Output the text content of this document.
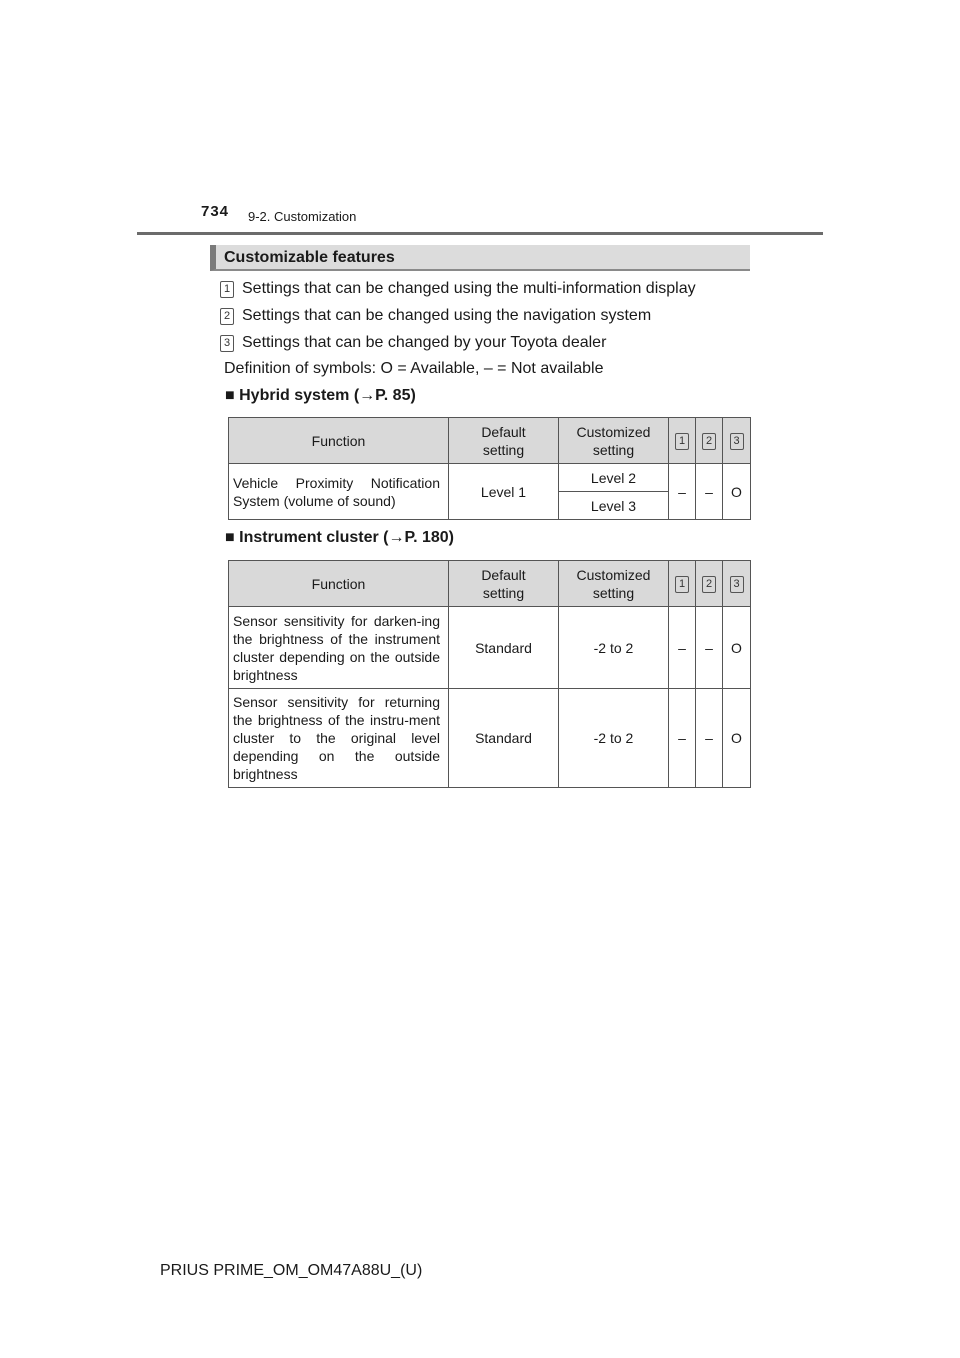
734 9-2. Customization
Customizable features
1 Settings that can be changed using the multi-information display
2 Settings that can be changed using the navigation system
3 Settings that can be changed by your Toyota dealer
Definition of symbols: O = Available, – = Not available
■ Hybrid system (→P. 85)
Function	Default setting	Customized setting	1	2	3
Vehicle Proximity Notification System (volume of sound)	Level 1	Level 2	–	–	O
		Level 3			
■ Instrument cluster (→P. 180)
Function	Default setting	Customized setting	1	2	3
Sensor sensitivity for darken-ing the brightness of the instrument cluster depending on the outside brightness	Standard	-2 to 2	–	–	O
Sensor sensitivity for returning the brightness of the instru-ment cluster to the original level depending on the outside brightness	Standard	-2 to 2	–	–	O
PRIUS PRIME_OM_OM47A88U_(U)
